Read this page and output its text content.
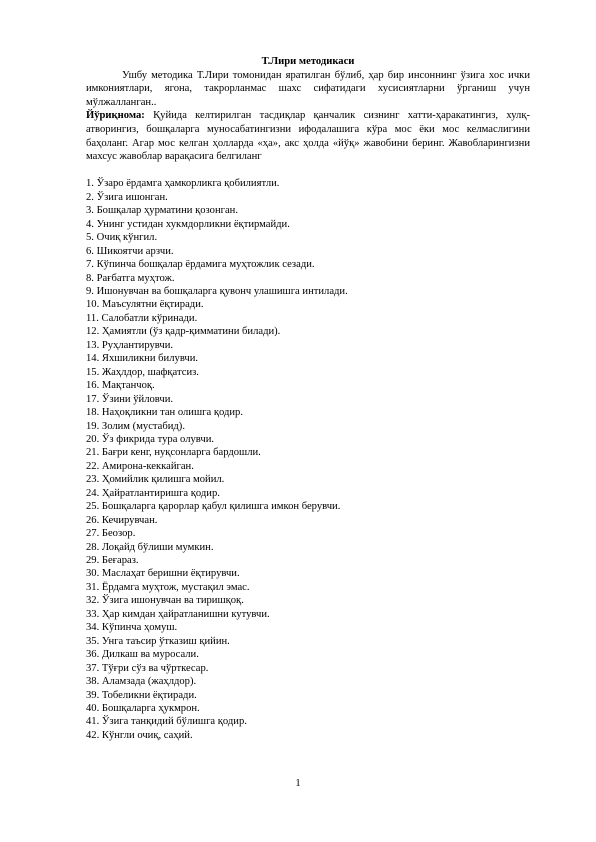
Т.Лири методикаси

Ушбу методика Т.Лири томонидан яратилган бўлиб, ҳар бир инсоннинг ўзига хос ички имкониятлари, ягона, такрорланмас шахс сифатидаги хусисиятларни ўрганиш учун мўлжалланган..

Йўриқнома: Қуйида келтирилган тасдиқлар қанчалик сизнинг хатти-ҳаракатингиз, хулқ-атворингиз, бошқаларга муносабатингизни ифодалашига кўра мос ёки мос келмаслигини баҳоланг. Агар мос келган ҳолларда «ҳа», акс ҳолда «йўқ» жавобини беринг. Жавобларингизни махсус жавоблар варақасига белгиланг

1. Ўзаро ёрдамга ҳамкорликга қобилиятли.
2. Ўзига ишонган.
3. Бошқалар ҳурматини қозонган.
4. Унинг устидан хукмдорликни ёқтирмайди.
5. Очиқ кўнгил.
6. Шикоятчи арзчи.
7. Кўпинча бошқалар ёрдамига муҳтожлик сезади.
8. Рағбатга муҳтож.
9. Ишонувчан ва бошқаларга қувонч улашишга интилади.
10. Маъсулятни ёқтиради.
11. Салобатли кўринади.
12. Ҳамиятли (ўз қадр-қимматини билади).
13. Руҳлантирувчи.
14. Яхшиликни билувчи.
15. Жаҳлдор, шафқатсиз.
16. Мақтанчоқ.
17. Ўзини ўйловчи.
18. Наҳоқликни тан олишга қодир.
19. Золим (мустабид).
20. Ўз фикрида тура олувчи.
21. Бағри кенг, нуқсонларга бардошли.
22. Амирона-кеккайган.
23. Ҳомийлик қилишга мойил.
24. Ҳайратлантиришга қодир.
25. Бошқаларга қарорлар қабул қилишга имкон берувчи.
26. Кечирувчан.
27. Беозор.
28. Лоқайд бўлиши мумкин.
29. Беғараз.
30. Маслаҳат беришни ёқтирувчи.
31. Ёрдамга муҳтож, мустақил эмас.
32. Ўзига ишонувчан ва тиришқоқ.
33. Ҳар кимдан ҳайратланишни кутувчи.
34. Кўпинча ҳомуш.
35. Унга таъсир ўтказиш қийин.
36. Дилкаш ва муросали.
37. Тўғри сўз ва чўрткесар.
38. Аламзада (жаҳлдор).
39. Тобеликни ёқтиради.
40. Бошқаларга ҳукмрон.
41. Ўзига танқидий бўлишга қодир.
42. Кўнгли очиқ, саҳий.
1
